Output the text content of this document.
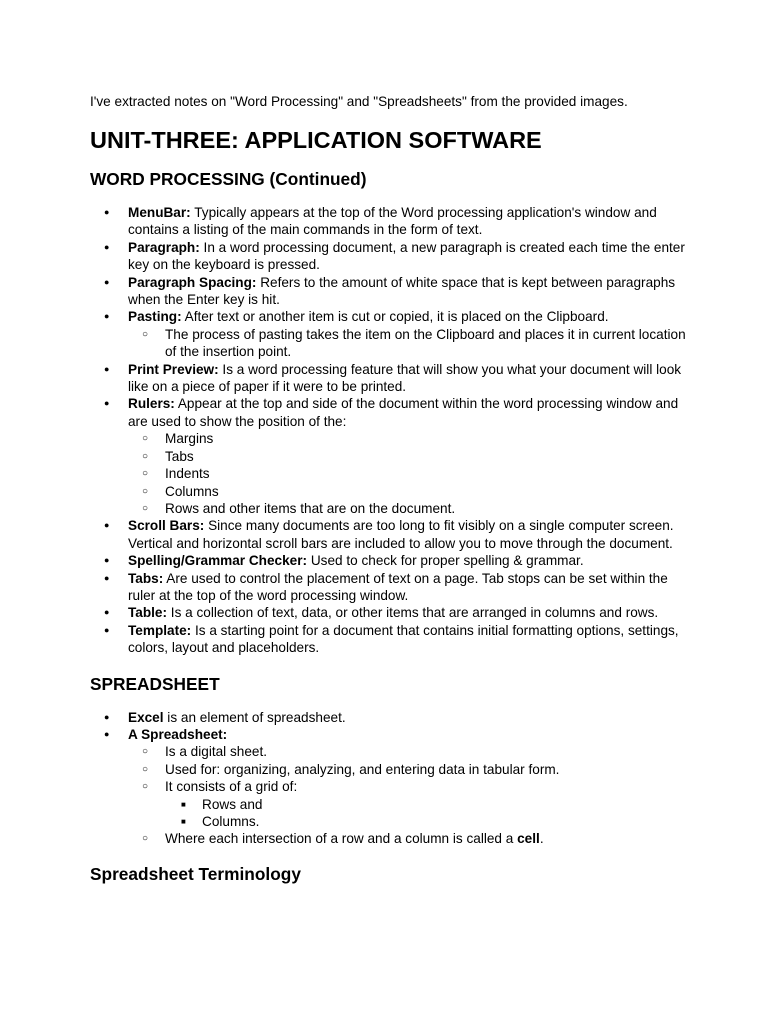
I've extracted notes on "Word Processing" and "Spreadsheets" from the provided images.

UNIT-THREE: APPLICATION SOFTWARE
WORD PROCESSING (Continued)
● MenuBar: Typically appears at the top of the Word processing application's window and contains a listing of the main commands in the form of text.
● Paragraph: In a word processing document, a new paragraph is created each time the enter key on the keyboard is pressed.
● Paragraph Spacing: Refers to the amount of white space that is kept between paragraphs when the Enter key is hit.
● Pasting: After text or another item is cut or copied, it is placed on the Clipboard.
○ The process of pasting takes the item on the Clipboard and places it in current location of the insertion point.
● Print Preview: Is a word processing feature that will show you what your document will look like on a piece of paper if it were to be printed.
● Rulers: Appear at the top and side of the document within the word processing window and are used to show the position of the:
○ Margins
○ Tabs
○ Indents
○ Columns
○ Rows and other items that are on the document.
● Scroll Bars: Since many documents are too long to fit visibly on a single computer screen. Vertical and horizontal scroll bars are included to allow you to move through the document.
● Spelling/Grammar Checker: Used to check for proper spelling & grammar.
● Tabs: Are used to control the placement of text on a page. Tab stops can be set within the ruler at the top of the word processing window.
● Table: Is a collection of text, data, or other items that are arranged in columns and rows.
● Template: Is a starting point for a document that contains initial formatting options, settings, colors, layout and placeholders.
SPREADSHEET
● Excel is an element of spreadsheet.
● A Spreadsheet:
○ Is a digital sheet.
○ Used for: organizing, analyzing, and entering data in tabular form.
○ It consists of a grid of:
■ Rows and
■ Columns.
○ Where each intersection of a row and a column is called a cell.
Spreadsheet Terminology
